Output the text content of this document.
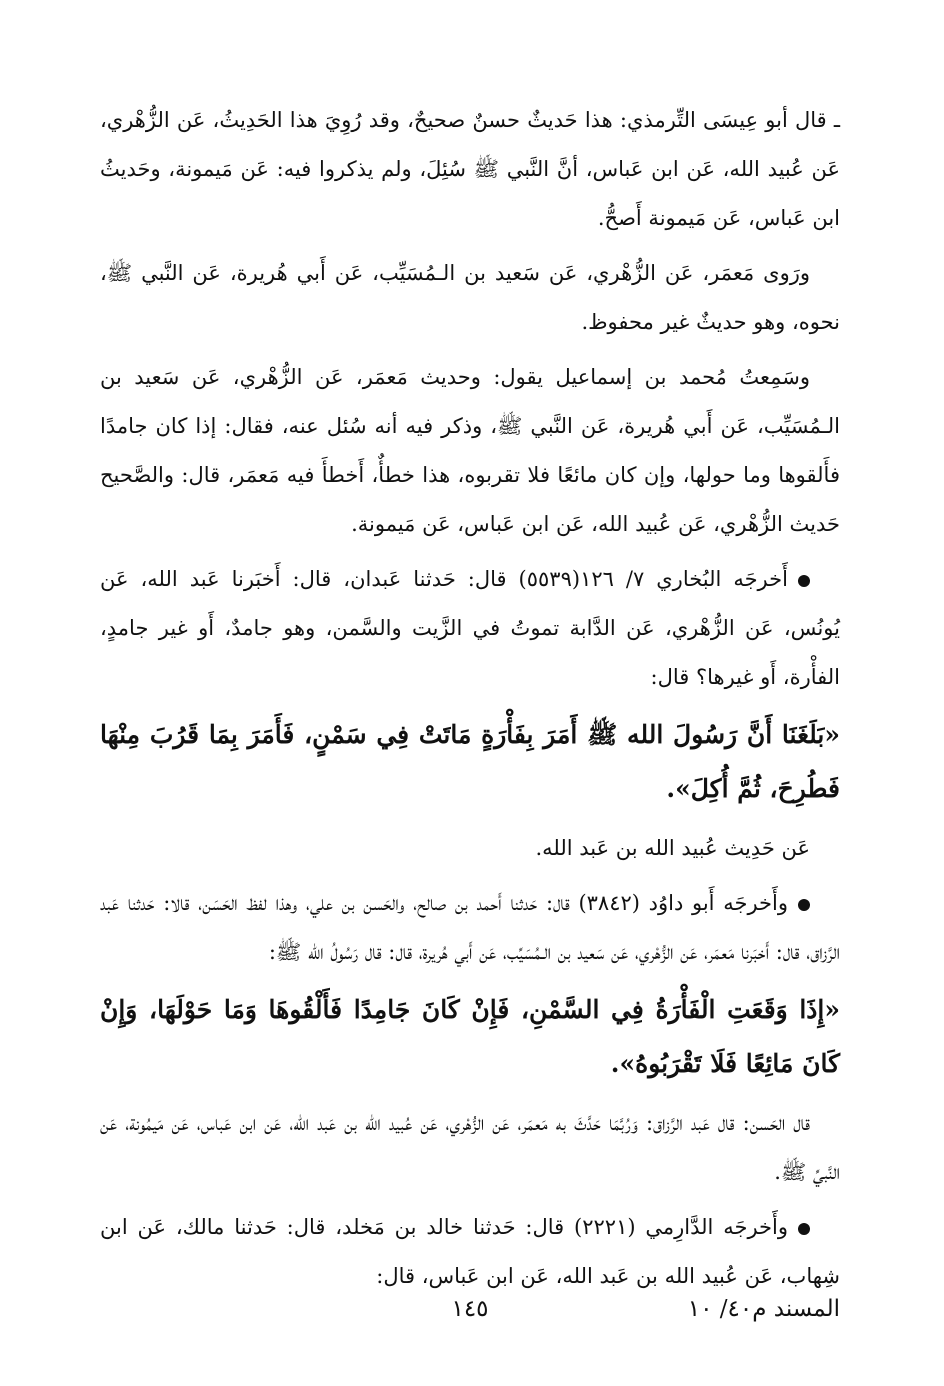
ـ قال أبو عِيسَى التِّرمذي: هذا حَديثٌ حسنٌ صحيحٌ، وقد رُوِيَ هذا الحَدِيثُ، عَن الزُّهْري، عَن عُبيد الله، عَن ابن عَباس، أنَّ النَّبي ﷺ سُئِلَ، ولم يذكروا فيه: عَن مَيمونة، وحَديثُ ابن عَباس، عَن مَيمونة أَصحُّ.

ورَوى مَعمَر، عَن الزُّهْري، عَن سَعيد بن الـمُسَيِّب، عَن أَبي هُريرة، عَن النَّبي ﷺ، نحوه، وهو حديثٌ غير محفوظ.

وسَمِعتُ مُحمد بن إسماعيل يقول: وحديث مَعمَر، عَن الزُّهْري، عَن سَعيد بن الـمُسَيِّب، عَن أَبي هُريرة، عَن النَّبي ﷺ، وذكر فيه أنه سُئل عنه، فقال: إذا كان جامدًا فأَلقوها وما حولها، وإن كان مائعًا فلا تقربوه، هذا خطأٌ، أَخطأَ فيه مَعمَر، قال: والصَّحيح حَديث الزُّهْري، عَن عُبيد الله، عَن ابن عَباس، عَن مَيمونة.

أَخرجَه البُخاري ٧/ ١٢٦(٥٥٣٩) قال: حَدثنا عَبدان، قال: أَخبَرنا عَبد الله، عَن يُونُس، عَن الزُّهْري، عَن الدَّابة تموتُ في الزَّيت والسَّمن، وهو جامدٌ، أَو غير جامدٍ، الفأْرة، أَو غيرها؟ قال:

«بَلَغَنَا أَنَّ رَسُولَ الله ﷺ أَمَرَ بِفَأْرَةٍ مَاتَتْ فِي سَمْنٍ، فَأَمَرَ بِمَا قَرُبَ مِنْهَا فَطُرِحَ، ثُمَّ أُكِلَ».

عَن حَدِيث عُبيد الله بن عَبد الله.

وأَخرجَه أَبو داوُد (٣٨٤٢) قال: حَدثنا أَحمد بن صالح، والحَسن بن علي، وهذا لفظ الحَسَن، قالا: حَدثنا عَبد الرَّزاق، قال: أَخبَرنا مَعمَر، عَن الزُّهْري، عَن سَعيد بن الـمُسَيِّب، عَن أَبي هُريرة، قال: قال رَسُولُ الله ﷺ:

«إِذَا وَقَعَتِ الْفَأْرَةُ فِي السَّمْنِ، فَإِنْ كَانَ جَامِدًا فَأَلْقُوهَا وَمَا حَوْلَهَا، وَإِنْ كَانَ مَائِعًا فَلَا تَقْرَبُوهُ».

قال الحَسن: قال عَبد الرَّزاق: وَرُبَّمَا حَدَّثَ به مَعمَر، عَن الزُّهْري، عَن عُبيد الله بن عَبد الله، عَن ابن عَباس، عَن مَيمُونة، عَن النَّبيِّ ﷺ.

وأَخرجَه الدَّارِمي (٢٢٢١) قال: حَدثنا خالد بن مَخلد، قال: حَدثنا مالك، عَن ابن شِهاب، عَن عُبيد الله بن عَبد الله، عَن ابن عَباس، قال:

المسند م٤٠/ ١٠
١٤٥
